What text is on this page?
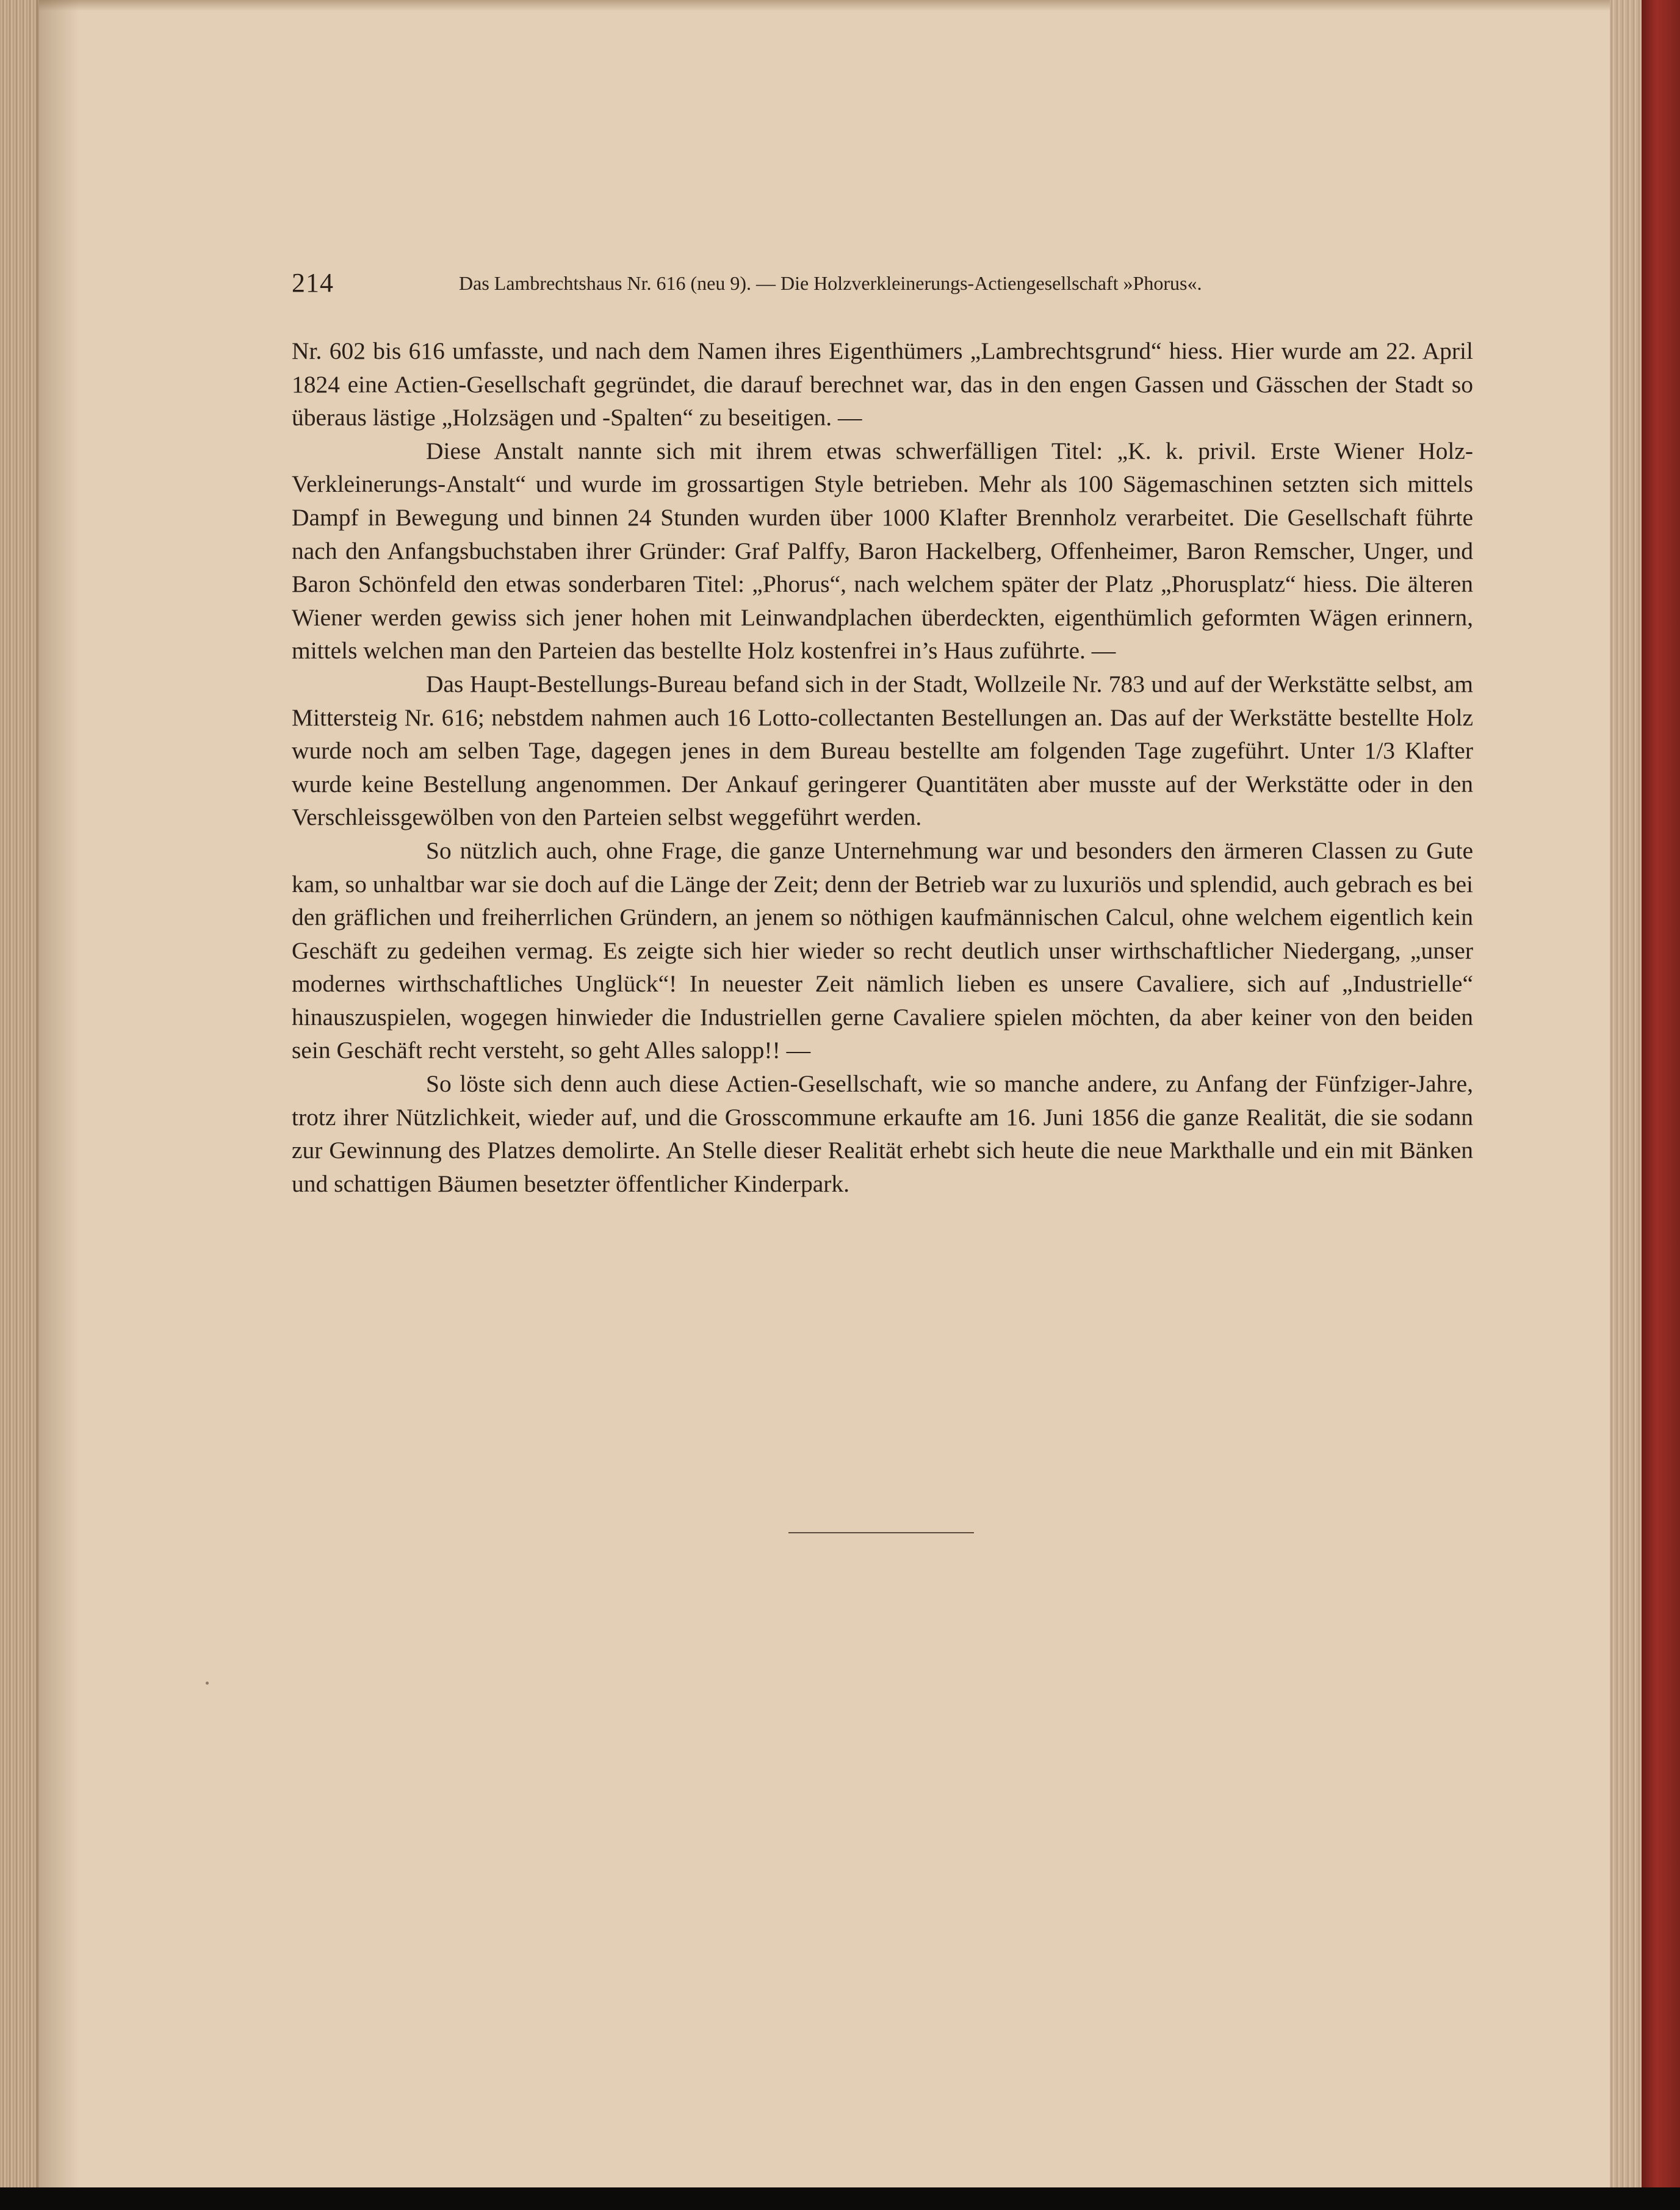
214	Das Lambrechtshaus Nr. 616 (neu 9). — Die Holzverkleinerungs-Actiengesellschaft »Phorus«.

Nr. 602 bis 616 umfasste, und nach dem Namen ihres Eigenthümers „Lambrechtsgrund“ hiess. Hier wurde am 22. April 1824 eine Actien-Gesellschaft gegründet, die darauf berechnet war, das in den engen Gassen und Gässchen der Stadt so überaus lästige „Holzsägen und -Spalten“ zu beseitigen. —

Diese Anstalt nannte sich mit ihrem etwas schwerfälligen Titel: „K. k. privil. Erste Wiener Holz-Verkleinerungs-Anstalt“ und wurde im grossartigen Style betrieben. Mehr als 100 Sägemaschinen setzten sich mittels Dampf in Bewegung und binnen 24 Stunden wurden über 1000 Klafter Brennholz verarbeitet. Die Gesellschaft führte nach den Anfangsbuchstaben ihrer Gründer: Graf Palffy, Baron Hackelberg, Offenheimer, Baron Remscher, Unger, und Baron Schönfeld den etwas sonderbaren Titel: „Phorus“, nach welchem später der Platz „Phorusplatz“ hiess. Die älteren Wiener werden gewiss sich jener hohen mit Leinwandplachen überdeckten, eigenthümlich geformten Wägen erinnern, mittels welchen man den Parteien das bestellte Holz kostenfrei in’s Haus zuführte. —

Das Haupt-Bestellungs-Bureau befand sich in der Stadt, Wollzeile Nr. 783 und auf der Werkstätte selbst, am Mittersteig Nr. 616; nebstdem nahmen auch 16 Lotto-collectanten Bestellungen an. Das auf der Werkstätte bestellte Holz wurde noch am selben Tage, dagegen jenes in dem Bureau bestellte am folgenden Tage zugeführt. Unter 1/3 Klafter wurde keine Bestellung angenommen. Der Ankauf geringerer Quantitäten aber musste auf der Werkstätte oder in den Verschleissgewölben von den Parteien selbst weggeführt werden.

So nützlich auch, ohne Frage, die ganze Unternehmung war und besonders den ärmeren Classen zu Gute kam, so unhaltbar war sie doch auf die Länge der Zeit; denn der Betrieb war zu luxuriös und splendid, auch gebrach es bei den gräflichen und freiherrlichen Gründern, an jenem so nöthigen kaufmännischen Calcul, ohne welchem eigentlich kein Geschäft zu gedeihen vermag. Es zeigte sich hier wieder so recht deutlich unser wirthschaftlicher Niedergang, „unser modernes wirthschaftliches Unglück“! In neuester Zeit nämlich lieben es unsere Cavaliere, sich auf „Industrielle“ hinauszuspielen, wogegen hinwieder die Industriellen gerne Cavaliere spielen möchten, da aber keiner von den beiden sein Geschäft recht versteht, so geht Alles salopp!! —

So löste sich denn auch diese Actien-Gesellschaft, wie so manche andere, zu Anfang der Fünfziger-Jahre, trotz ihrer Nützlichkeit, wieder auf, und die Grosscommune erkaufte am 16. Juni 1856 die ganze Realität, die sie sodann zur Gewinnung des Platzes demolirte. An Stelle dieser Realität erhebt sich heute die neue Markthalle und ein mit Bänken und schattigen Bäumen besetzter öffentlicher Kinderpark.
